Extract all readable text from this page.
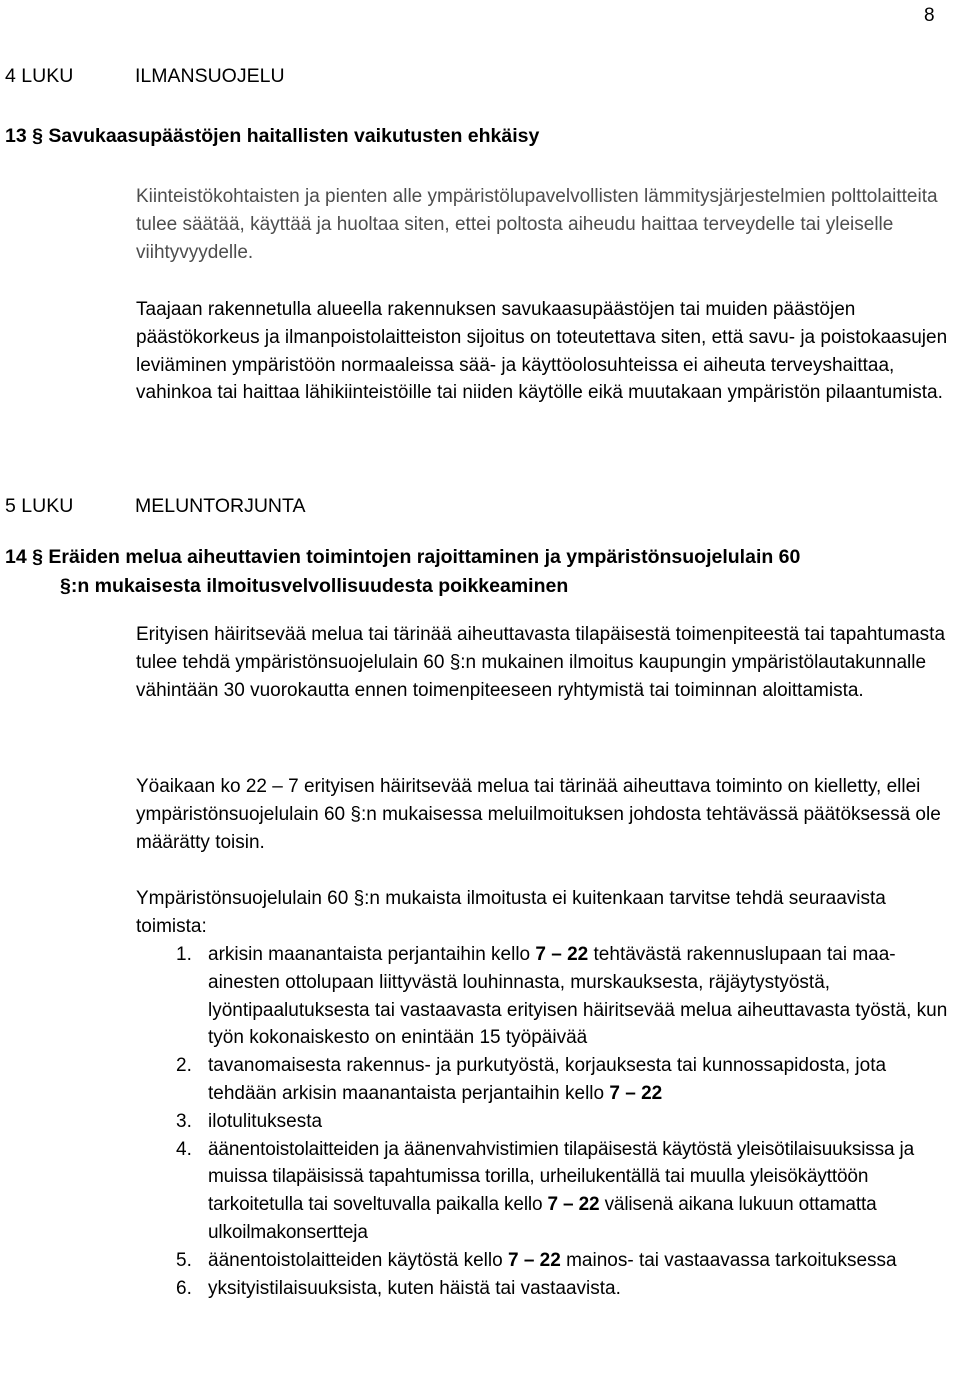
8
4 LUKU	ILMANSUOJELU
13 § Savukaasupäästöjen haitallisten vaikutusten ehkäisy
Kiinteistökohtaisten ja pienten alle ympäristölupavelvollisten lämmitysjärjestelmien polttolaitteita tulee säätää, käyttää ja huoltaa siten, ettei poltosta aiheudu haittaa terveydelle tai yleiselle viihtyvyydelle.
Taajaan rakennetulla alueella rakennuksen savukaasupäästöjen tai muiden päästöjen päästökorkeus ja ilmanpoistolaitteiston sijoitus on toteutettava siten, että savu- ja poistokaasujen leviäminen ympäristöön normaaleissa sää- ja käyttöolosuhteissa ei aiheuta terveyshaittaa, vahinkoa tai haittaa lähikiinteistöille tai niiden käytölle eikä muutakaan ympäristön pilaantumista.
5 LUKU	MELUNTORJUNTA
14 § Eräiden melua aiheuttavien toimintojen rajoittaminen ja ympäristönsuojelulain 60
§:n mukaisesta ilmoitusvelvollisuudesta poikkeaminen
Erityisen häiritsevää melua tai tärinää aiheuttavasta tilapäisestä toimenpiteestä tai tapahtumasta tulee tehdä ympäristönsuojelulain 60 §:n mukainen ilmoitus kaupungin ympäristölautakunnalle vähintään 30 vuorokautta ennen toimenpiteeseen ryhtymistä tai toiminnan aloittamista.
Yöaikaan ko 22 – 7 erityisen häiritsevää melua tai tärinää aiheuttava toiminto on kielletty, ellei ympäristönsuojelulain 60 §:n mukaisessa meluilmoituksen johdosta tehtävässä päätöksessä ole määrätty toisin.
Ympäristönsuojelulain 60 §:n mukaista ilmoitusta ei kuitenkaan tarvitse tehdä seuraavista toimista:
1. arkisin maanantaista perjantaihin kello 7 – 22 tehtävästä rakennuslupaan tai maa-ainesten ottolupaan liittyvästä louhinnasta, murskauksesta, räjäytystyöstä, lyöntipaalutuksesta tai vastaavasta erityisen häiritsevää melua aiheuttavasta työstä, kun työn kokonaiskesto on enintään 15 työpäivää
2. tavanomaisesta rakennus- ja purkutyöstä, korjauksesta tai kunnossapidosta, jota tehdään arkisin maanantaista perjantaihin kello 7 – 22
3. ilotulituksesta
4. äänentoistolaitteiden ja äänenvahvistimien tilapäisestä käytöstä yleisötilaisuuksissa ja muissa tilapäisissä tapahtumissa torilla, urheilukentällä tai muulla yleisökäyttöön tarkoitetulla tai soveltuvalla paikalla kello 7 – 22 välisenä aikana lukuun ottamatta ulkoilmakonsertteja
5. äänentoistolaitteiden käytöstä kello 7 – 22 mainos- tai vastaavassa tarkoituksessa
6. yksityistilaisuuksista, kuten häistä tai vastaavista.
